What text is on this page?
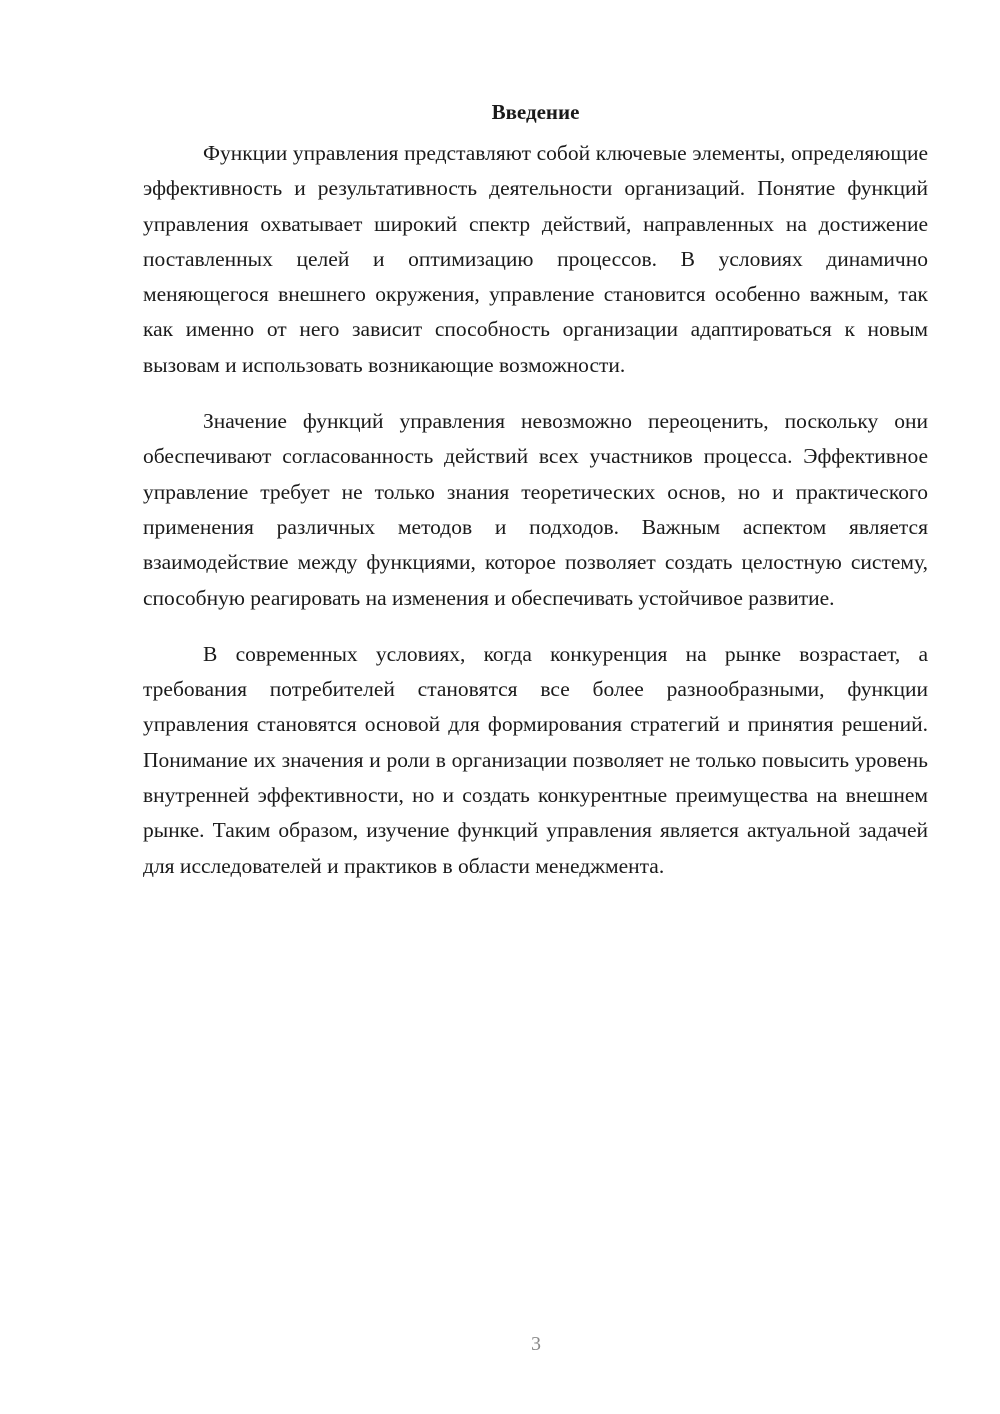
Введение

Функции управления представляют собой ключевые элементы, определяющие эффективность и результативность деятельности организаций. Понятие функций управления охватывает широкий спектр действий, направленных на достижение поставленных целей и оптимизацию процессов. В условиях динамично меняющегося внешнего окружения, управление становится особенно важным, так как именно от него зависит способность организации адаптироваться к новым вызовам и использовать возникающие возможности.

Значение функций управления невозможно переоценить, поскольку они обеспечивают согласованность действий всех участников процесса. Эффективное управление требует не только знания теоретических основ, но и практического применения различных методов и подходов. Важным аспектом является взаимодействие между функциями, которое позволяет создать целостную систему, способную реагировать на изменения и обеспечивать устойчивое развитие.

В современных условиях, когда конкуренция на рынке возрастает, а требования потребителей становятся все более разнообразными, функции управления становятся основой для формирования стратегий и принятия решений. Понимание их значения и роли в организации позволяет не только повысить уровень внутренней эффективности, но и создать конкурентные преимущества на внешнем рынке. Таким образом, изучение функций управления является актуальной задачей для исследователей и практиков в области менеджмента.

3
